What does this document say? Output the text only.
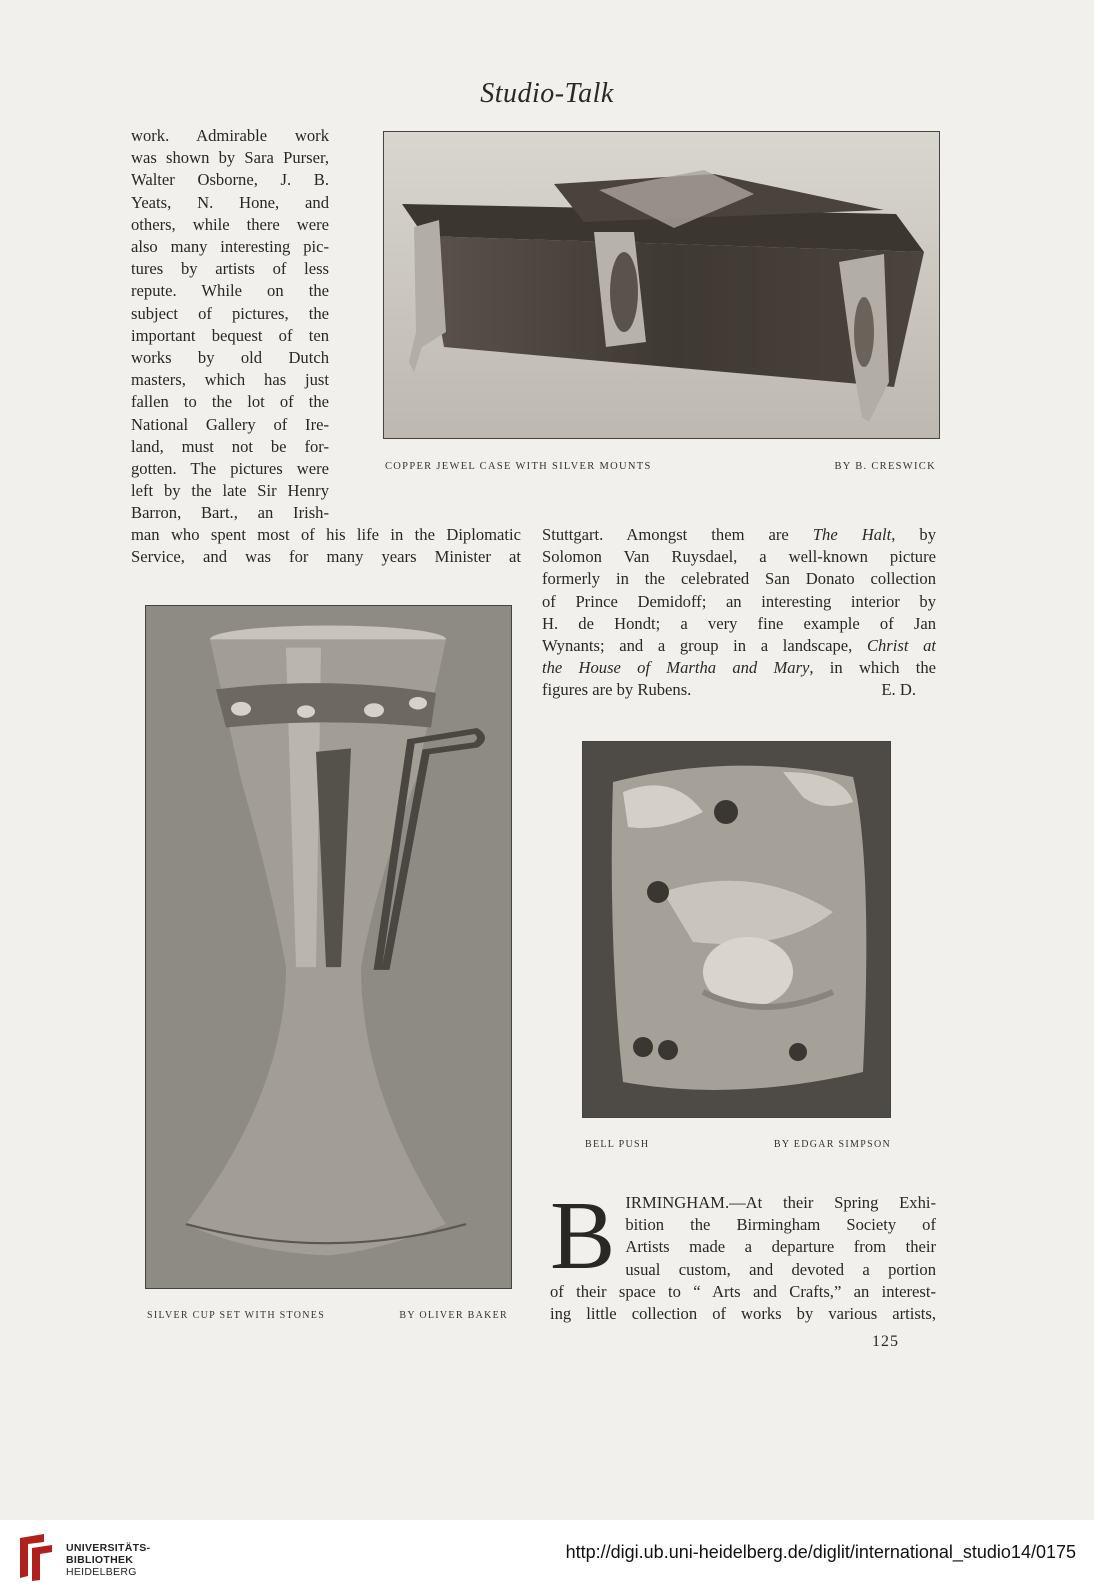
Studio-Talk
work. Admirable work
was shown by Sara Purser,
Walter Osborne, J. B.
Yeats, N. Hone, and
others, while there were
also many interesting pic-
tures by artists of less
repute. While on the
subject of pictures, the
important bequest of ten
works by old Dutch
masters, which has just
fallen to the lot of the
National Gallery of Ire-
land, must not be for-
gotten. The pictures were
left by the late Sir Henry
Barron, Bart., an Irish-
man who spent most of his life in the Diplomatic
Service, and was for many years Minister at
COPPER JEWEL CASE WITH SILVER MOUNTS	BY B. CRESWICK
Stuttgart. Amongst them are The Halt, by
Solomon Van Ruysdael, a well-known picture
formerly in the celebrated San Donato collection
of Prince Demidoff; an interesting interior by
H. de Hondt; a very fine example of Jan
Wynants; and a group in a landscape, Christ at
the House of Martha and Mary, in which the
figures are by Rubens.	E. D.
BELL PUSH	BY EDGAR SIMPSON
B IRMINGHAM.—At their Spring Exhi-
bition the Birmingham Society of
Artists made a departure from their
usual custom, and devoted a portion
of their space to “ Arts and Crafts,” an interest-
ing little collection of works by various artists,
125
SILVER CUP SET WITH STONES	BY OLIVER BAKER
UNIVERSITÄTS-
BIBLIOTHEK
HEIDELBERG
http://digi.ub.uni-heidelberg.de/diglit/international_studio14/0175
